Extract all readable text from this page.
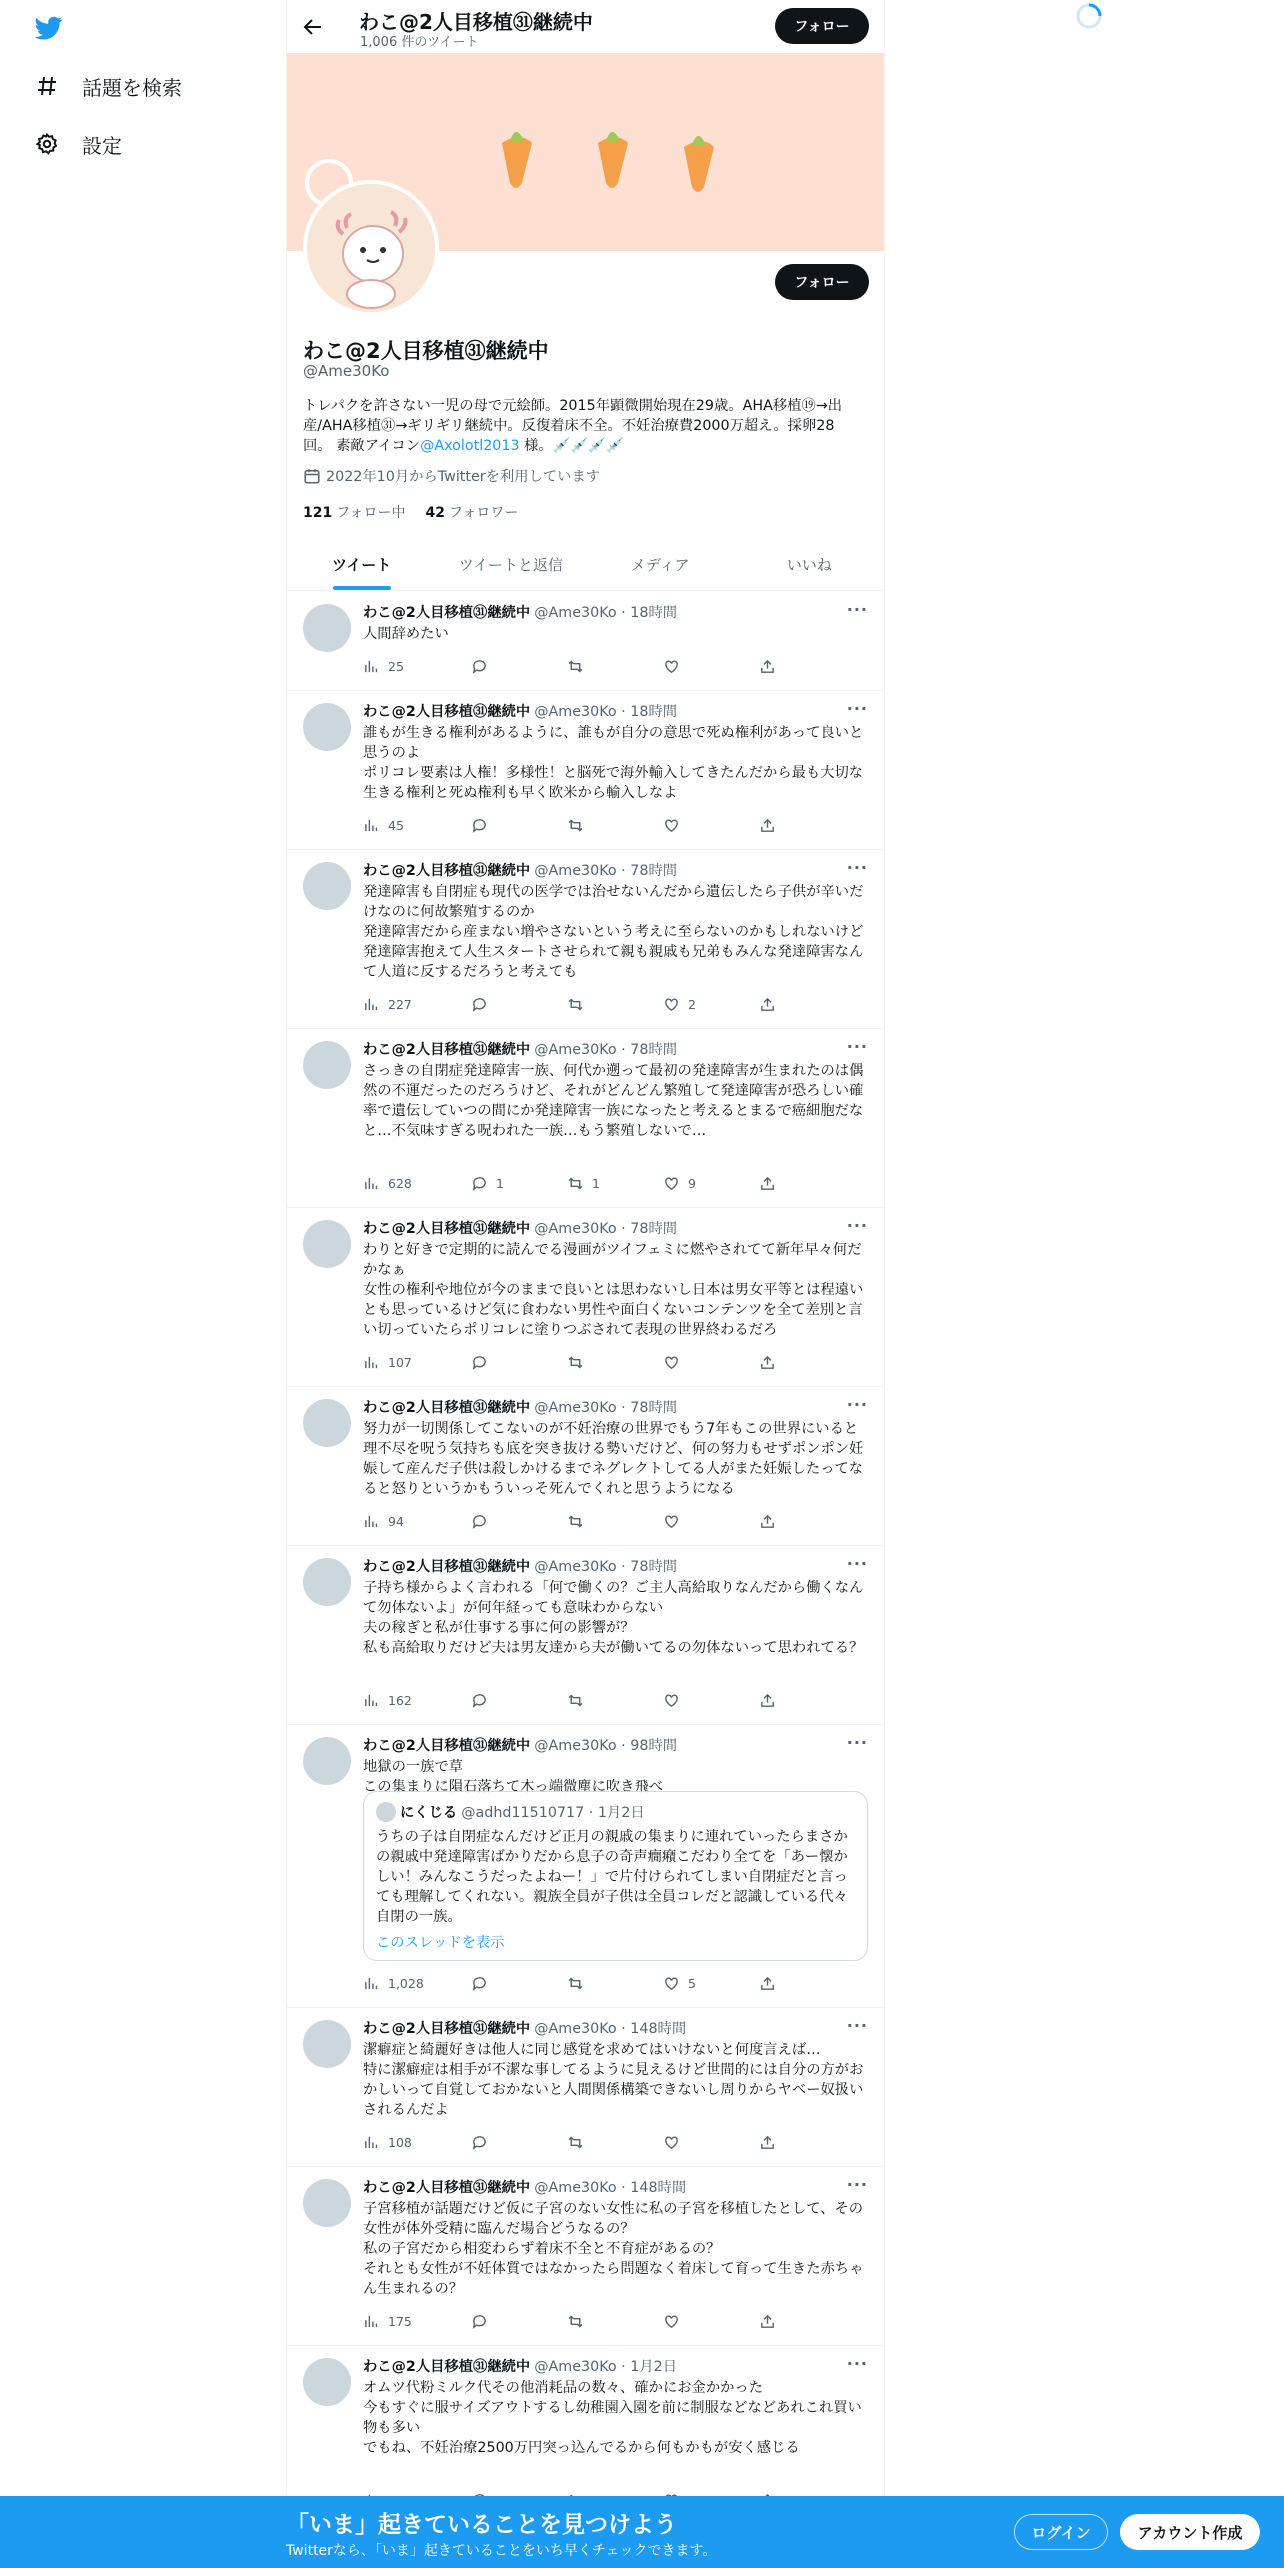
話題を検索
設定
わこ@2人目移植㉛継続中
1,006 件のツイート
フォロー
フォロー
わこ@2人目移植㉛継続中
@Ame30Ko
トレパクを許さない一児の母で元絵師。2015年顕微開始現在29歳。AHA移植⑲→出産/AHA移植㉛→ギリギリ継続中。反復着床不全。不妊治療費2000万超え。採卵28回。 素敵アイコン@Axolotl2013 様。💉💉💉💉
2022年10月からTwitterを利用しています
121 フォロー中 42 フォロワー
ツイート	ツイートと返信	メディア	いいね
わこ@2人目移植㉛継続中 @Ame30Ko · 18時間	···
人間辞めたい
25
わこ@2人目移植㉛継続中 @Ame30Ko · 18時間	···
誰もが生きる権利があるように、誰もが自分の意思で死ぬ権利があって良いと思うのよ
ポリコレ要素は人権！多様性！と脳死で海外輸入してきたんだから最も大切な生きる権利と死ぬ権利も早く欧米から輸入しなよ
45
わこ@2人目移植㉛継続中 @Ame30Ko · 78時間	···
発達障害も自閉症も現代の医学では治せないんだから遺伝したら子供が辛いだけなのに何故繁殖するのか
発達障害だから産まない増やさないという考えに至らないのかもしれないけど発達障害抱えて人生スタートさせられて親も親戚も兄弟もみんな発達障害なんて人道に反するだろうと考えても
227	2
わこ@2人目移植㉛継続中 @Ame30Ko · 78時間	···
さっきの自閉症発達障害一族、何代か遡って最初の発達障害が生まれたのは偶然の不運だったのだろうけど、それがどんどん繁殖して発達障害が恐ろしい確率で遺伝していつの間にか発達障害一族になったと考えるとまるで癌細胞だなと…不気味すぎる呪われた一族…もう繁殖しないで…
628	1	1	9
わこ@2人目移植㉛継続中 @Ame30Ko · 78時間	···
わりと好きで定期的に読んでる漫画がツイフェミに燃やされてて新年早々何だかなぁ
女性の権利や地位が今のままで良いとは思わないし日本は男女平等とは程遠いとも思っているけど気に食わない男性や面白くないコンテンツを全て差別と言い切っていたらポリコレに塗りつぶされて表現の世界終わるだろ
107
わこ@2人目移植㉛継続中 @Ame30Ko · 78時間	···
努力が一切関係してこないのが不妊治療の世界でもう7年もこの世界にいると理不尽を呪う気持ちも底を突き抜ける勢いだけど、何の努力もせずポンポン妊娠して産んだ子供は殺しかけるまでネグレクトしてる人がまた妊娠したってなると怒りというかもういっそ死んでくれと思うようになる
94
わこ@2人目移植㉛継続中 @Ame30Ko · 78時間	···
子持ち様からよく言われる「何で働くの？ご主人高給取りなんだから働くなんて勿体ないよ」が何年経っても意味わからない
夫の稼ぎと私が仕事する事に何の影響が？
私も高給取りだけど夫は男友達から夫が働いてるの勿体ないって思われてる？
162
わこ@2人目移植㉛継続中 @Ame30Ko · 98時間	···
地獄の一族で草
この集まりに隕石落ちて木っ端微塵に吹き飛べ
にくじる @adhd11510717 · 1月2日
うちの子は自閉症なんだけど正月の親戚の集まりに連れていったらまさかの親戚中発達障害ばかりだから息子の奇声癇癪こだわり全てを「あー懐かしい！みんなこうだったよねー！」で片付けられてしまい自閉症だと言っても理解してくれない。親族全員が子供は全員コレだと認識している代々自閉の一族。
このスレッドを表示
1,028	5
わこ@2人目移植㉛継続中 @Ame30Ko · 148時間	···
潔癖症と綺麗好きは他人に同じ感覚を求めてはいけないと何度言えば…
特に潔癖症は相手が不潔な事してるように見えるけど世間的には自分の方がおかしいって自覚しておかないと人間関係構築できないし周りからヤベー奴扱いされるんだよ
108
わこ@2人目移植㉛継続中 @Ame30Ko · 148時間	···
子宮移植が話題だけど仮に子宮のない女性に私の子宮を移植したとして、その女性が体外受精に臨んだ場合どうなるの？
私の子宮だから相変わらず着床不全と不育症があるの？
それとも女性が不妊体質ではなかったら問題なく着床して育って生きた赤ちゃん生まれるの？
175
わこ@2人目移植㉛継続中 @Ame30Ko · 1月2日	···
オムツ代粉ミルク代その他消耗品の数々、確かにお金かかった
今もすぐに服サイズアウトするし幼稚園入園を前に制服などなどあれこれ買い物も多い
でもね、不妊治療2500万円突っ込んでるから何もかもが安く感じる
「いま」起きていることを見つけよう
Twitterなら、「いま」起きていることをいち早くチェックできます。
ログイン	アカウント作成
